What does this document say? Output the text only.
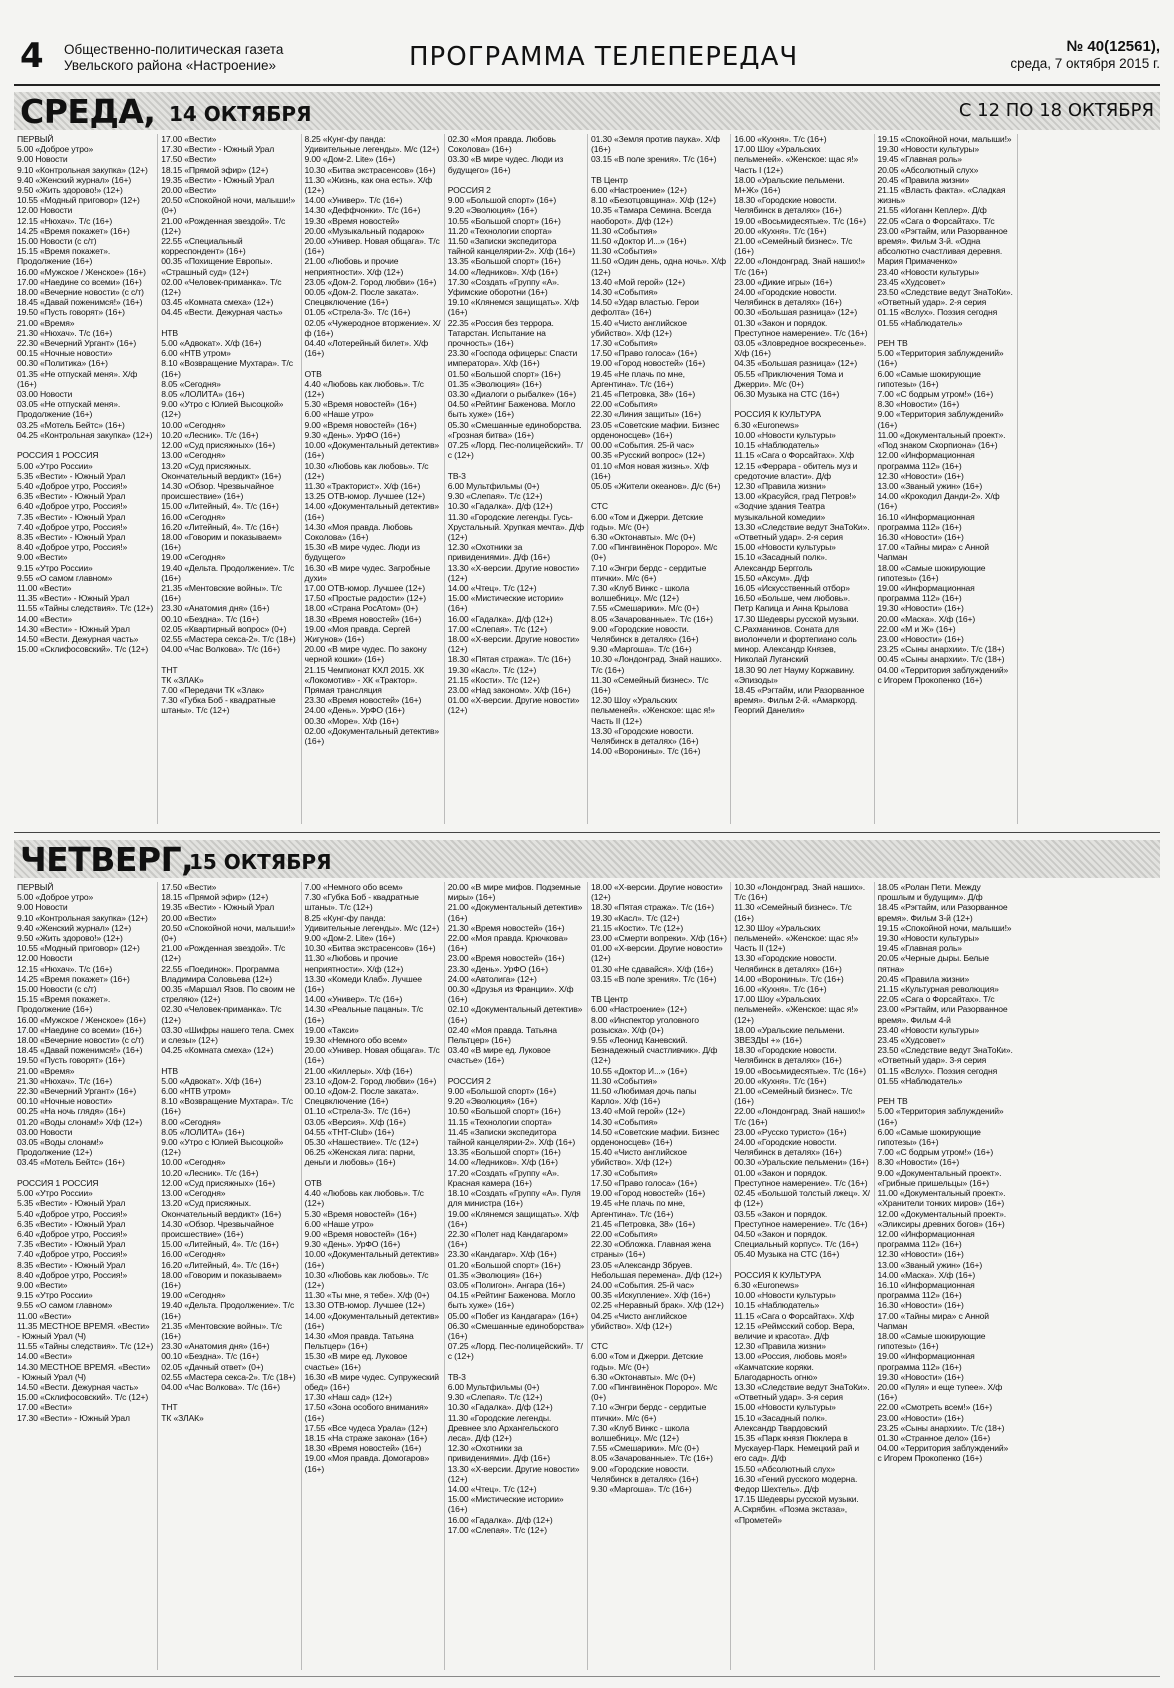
4 Общественно-политическая газета
Увельского района «Настроение»	ПРОГРАММА ТЕЛЕПЕРЕДАЧ	№ 40(12561),
среда, 7 октября 2015 г.
СРЕДА, 14 ОКТЯБРЯ	С 12 ПО 18 ОКТЯБРЯ
ПЕРВЫЙ
5.00 «Доброе утро»
9.00 Новости
9.10 «Контрольная закупка» (12+)
9.40 «Женский журнал» (16+)
9.50 «Жить здорово!» (12+)
10.55 «Модный приговор» (12+)
12.00 Новости
12.15 «Нюхач». Т/с (16+)
14.25 «Время покажет» (16+)
15.00 Новости (с с/т)
15.15 «Время покажет». Продолжение (16+)
16.00 «Мужское / Женское» (16+)
17.00 «Наедине со всеми» (16+)
18.00 «Вечерние новости» (с с/т)
18.45 «Давай поженимся!» (16+)
19.50 «Пусть говорят» (16+)
21.00 «Время»
21.30 «Нюхач». Т/с (16+)
22.30 «Вечерний Ургант» (16+)
00.15 «Ночные новости»
00.30 «Политика» (16+)
01.35 «Не отпускай меня». Х/ф (16+)
03.00 Новости
03.05 «Не отпускай меня». Продолжение (16+)
03.25 «Мотель Бейтс» (16+)
04.25 «Контрольная закупка» (12+)

РОССИЯ 1 РОССИЯ
5.00 «Утро России»
5.35 «Вести» - Южный Урал
5.40 «Доброе утро, Россия!»
6.35 «Вести» - Южный Урал
6.40 «Доброе утро, Россия!»
7.35 «Вести» - Южный Урал
7.40 «Доброе утро, Россия!»
8.35 «Вести» - Южный Урал
8.40 «Доброе утро, Россия!»
9.00 «Вести»
9.15 «Утро России»
9.55 «О самом главном»
11.00 «Вести»
11.35 «Вести» - Южный Урал
11.55 «Тайны следствия». Т/с (12+)
14.00 «Вести»
14.30 «Вести» - Южный Урал
14.50 «Вести. Дежурная часть»
15.00 «Склифосовский». Т/с (12+)
17.00 «Вести»
17.30 «Вести» - Южный Урал
17.50 «Вести»
18.15 «Прямой эфир» (12+)
19.35 «Вести» - Южный Урал
20.00 «Вести»
20.50 «Спокойной ночи, малыши!» (0+)
21.00 «Рожденная звездой». Т/с (12+)
22.55 «Специальный корреспондент» (16+)
00.35 «Похищение Европы». «Страшный суд» (12+)
02.00 «Человек-приманка». Т/с (12+)
03.45 «Комната смеха» (12+)
04.45 «Вести. Дежурная часть»

НТВ
5.00 «Адвокат». Х/ф (16+)
6.00 «НТВ утром»
8.10 «Возвращение Мухтара». Т/с (16+)
8.05 «Сегодня»
8.05 «ЛОЛИТА» (16+)
9.00 «Утро с Юлией Высоцкой» (12+)
10.00 «Сегодня»
10.20 «Лесник». Т/с (16+)
12.00 «Суд присяжных» (16+)
13.00 «Сегодня»
13.20 «Суд присяжных. Окончательный вердикт» (16+)
14.30 «Обзор. Чрезвычайное происшествие» (16+)
15.00 «Литейный, 4». Т/с (16+)
16.00 «Сегодня»
16.20 «Литейный, 4». Т/с (16+)
18.00 «Говорим и показываем» (16+)
19.00 «Сегодня»
19.40 «Дельта. Продолжение». Т/с (16+)
21.35 «Ментовские войны». Т/с (16+)
23.30 «Анатомия дня» (16+)
00.10 «Бездна». Т/с (16+)
02.05 «Квартирный вопрос» (0+)
02.55 «Мастера секса-2». Т/с (18+)
04.00 «Час Волкова». Т/с (16+)

ТНТ
ТК «ЗЛАК»
7.00 «Передачи ТК «Злак»
7.30 «Губка Боб - квадратные штаны». Т/с (12+)
8.25 «Кунг-фу панда: Удивительные легенды». М/с (12+)
9.00 «Дом-2. Lite» (16+)
10.30 «Битва экстрасенсов» (16+)
11.30 «Жизнь, как она есть». Х/ф (12+)
14.00 «Универ». Т/с (16+)
14.30 «Деффчонки». Т/с (16+)
19.30 «Время новостей»
20.00 «Музыкальный подарок»
20.00 «Универ. Новая общага». Т/с (16+)
21.00 «Любовь и прочие неприятности». Х/ф (12+)
23.05 «Дом-2. Город любви» (16+)
00.05 «Дом-2. После заката». Спецвключение (16+)
01.05 «Стрела-3». Т/с (16+)
02.05 «Чужеродное вторжение». Х/ф (16+)
04.40 «Лотерейный билет». Х/ф (16+)

ОТВ
4.40 «Любовь как любовь». Т/с (12+)
5.30 «Время новостей» (16+)
6.00 «Наше утро»
9.00 «Время новостей» (16+)
9.30 «День». УрФО (16+)
10.00 «Документальный детектив» (16+)
10.30 «Любовь как любовь». Т/с (12+)
11.30 «Тракторист». Х/ф (16+)
13.25 ОТВ-юмор. Лучшее (12+)
14.00 «Документальный детектив» (16+)
14.30 «Моя правда. Любовь Соколова» (16+)
15.30 «В мире чудес. Люди из будущего»
16.30 «В мире чудес. Загробные духи»
17.00 ОТВ-юмор. Лучшее (12+)
17.50 «Простые радости» (12+)
18.00 «Страна РосАтом» (0+)
18.30 «Время новостей» (16+)
19.00 «Моя правда. Сергей Жигунов» (16+)
20.00 «В мире чудес. По закону черной кошки» (16+)
21.15 Чемпионат КХЛ 2015. ХК «Локомотив» - ХК «Трактор». Прямая трансляция
23.30 «Время новостей» (16+)
24.00 «День». УрФО (16+)
00.30 «Море». Х/ф (16+)
02.00 «Документальный детектив» (16+)
02.30 «Моя правда. Любовь Соколова» (16+)
03.30 «В мире чудес. Люди из будущего» (16+)

РОССИЯ 2
9.00 «Большой спорт» (16+)
9.20 «Эволюция» (16+)
10.55 «Большой спорт» (16+)
11.20 «Технологии спорта»
11.50 «Записки экспедитора тайной канцелярии-2». Х/ф (16+)
13.35 «Большой спорт» (16+)
14.00 «Ледников». Х/ф (16+)
17.30 «Создать «Группу «А». Уфимские оборотни (16+)
19.10 «Клянемся защищать». Х/ф (16+)
22.35 «Россия без террора. Татарстан. Испытание на прочность» (16+)
23.30 «Господа офицеры: Спасти императора». Х/ф (16+)
01.50 «Большой спорт» (16+)
01.35 «Эволюция» (16+)
03.30 «Диалоги о рыбалке» (16+)
04.50 «Рейтинг Баженова. Могло быть хуже» (16+)
05.30 «Смешанные единоборства. «Грозная битва» (16+)
07.25 «Лорд. Пес-полицейский». Т/с (12+)

ТВ-3
6.00 Мультфильмы (0+)
9.30 «Слепая». Т/с (12+)
10.30 «Гадалка». Д/ф (12+)
11.30 «Городские легенды. Гусь-Хрустальный. Хрупкая мечта». Д/ф (12+)
12.30 «Охотники за привидениями». Д/ф (16+)
13.30 «Х-версии. Другие новости» (12+)
14.00 «Чтец». Т/с (12+)
15.00 «Мистические истории» (16+)
16.00 «Гадалка». Д/ф (12+)
17.00 «Слепая». Т/с (12+)
18.00 «Х-версии. Другие новости» (12+)
18.30 «Пятая стража». Т/с (16+)
19.30 «Касл». Т/с (12+)
21.15 «Кости». Т/с (12+)
23.00 «Над законом». Х/ф (16+)
01.00 «Х-версии. Другие новости» (12+)
01.30 «Земля против паука». Х/ф (16+)
03.15 «В поле зрения». Т/с (16+)

ТВ Центр
6.00 «Настроение» (12+)
8.10 «Безотцовщина». Х/ф (12+)
10.35 «Тамара Семина. Всегда наоборот». Д/ф (12+)
11.30 «События»
11.50 «Доктор И...» (16+)
11.30 «События»
11.50 «Один день, одна ночь». Х/ф (12+)
13.40 «Мой герой» (12+)
14.30 «События»
14.50 «Удар властью. Герои дефолта» (16+)
15.40 «Чисто английское убийство». Х/ф (12+)
17.30 «События»
17.50 «Право голоса» (16+)
19.00 «Город новостей» (16+)
19.45 «Не плачь по мне, Аргентина». Т/с (16+)
21.45 «Петровка, 38» (16+)
22.00 «События»
22.30 «Линия защиты» (16+)
23.05 «Советские мафии. Бизнес орденоносцев» (16+)
00.00 «События. 25-й час»
00.35 «Русский вопрос» (12+)
01.10 «Моя новая жизнь». Х/ф (16+)
05.05 «Жители океанов». Д/с (6+)

СТС
6.00 «Том и Джерри. Детские годы». М/с (0+)
6.30 «Октонавты». М/с (0+)
7.00 «Пингвинёнок Пороро». М/с (0+)
7.10 «Энгри бердс - сердитые птички». М/с (6+)
7.30 «Клуб Винкс - школа волшебниц». М/с (12+)
7.55 «Смешарики». М/с (0+)
8.05 «Зачарованные». Т/с (16+)
9.00 «Городские новости. Челябинск в деталях» (16+)
9.30 «Маргоша». Т/с (16+)
10.30 «Лондонград. Знай наших». Т/с (16+)
11.30 «Семейный бизнес». Т/с (16+)
12.30 Шоу «Уральских пельменей». «Женское: щас я!» Часть II (12+)
13.30 «Городские новости. Челябинск в деталях» (16+)
14.00 «Воронины». Т/с (16+)
16.00 «Кухня». Т/с (16+)
17.00 Шоу «Уральских пельменей». «Женское: щас я!» Часть I (12+)
18.00 «Уральские пельмени. М+Ж» (16+)
18.30 «Городские новости. Челябинск в деталях» (16+)
19.00 «Восьмидесятые». Т/с (16+)
20.00 «Кухня». Т/с (16+)
21.00 «Семейный бизнес». Т/с (16+)
22.00 «Лондонград. Знай наших!» Т/с (16+)
23.00 «Дикие игры» (16+)
24.00 «Городские новости. Челябинск в деталях» (16+)
00.30 «Большая разница» (12+)
01.30 «Закон и порядок. Преступное намерение». Т/с (16+)
03.05 «Зловредное воскресенье». Х/ф (16+)
04.35 «Большая разница» (12+)
05.55 «Приключения Тома и Джерри». М/с (0+)
06.30 Музыка на СТС (16+)

РОССИЯ К КУЛЬТУРА
6.30 «Euronews»
10.00 «Новости культуры»
10.15 «Наблюдатель»
11.15 «Сага о Форсайтах». Х/ф
12.15 «Феррара - обитель муз и средоточие власти». Д/ф
12.30 «Правила жизни»
13.00 «Красуйся, град Петров!» «Зодчие здания Театра музыкальной комедии»
13.30 «Следствие ведут ЗнаТоКи». «Ответный удар». 2-я серия
15.00 «Новости культуры»
15.10 «Засадный полк». Александр Бергголь
15.50 «Аксум». Д/ф
16.05 «Искусственный отбор»
16.50 «Больше, чем любовь». Петр Капица и Анна Крылова
17.30 Шедевры русской музыки. С.Рахманинов. Соната для виолончели и фортепиано соль минор. Александр Князев, Николай Луганский
18.30 90 лет Науму Коржавину. «Эпизоды»
18.45 «Рэгтайм, или Разорванное время». Фильм 2-й. «Амаркорд. Георгий Данелия»
19.15 «Спокойной ночи, малыши!»
19.30 «Новости культуры»
19.45 «Главная роль»
20.05 «Абсолютный слух»
20.45 «Правила жизни»
21.15 «Власть факта». «Сладкая жизнь»
21.55 «Иоганн Кеплер». Д/ф
22.05 «Сага о Форсайтах». Т/с
23.00 «Рэгтайм, или Разорванное время». Фильм 3-й. «Одна абсолютно счастливая деревня. Мария Примаченко»
23.40 «Новости культуры»
23.45 «Худсовет»
23.50 «Следствие ведут ЗнаТоКи». «Ответный удар». 2-я серия
01.15 «Вслух». Поэзия сегодня
01.55 «Наблюдатель»

РЕН ТВ
5.00 «Территория заблуждений» (16+)
6.00 «Самые шокирующие гипотезы» (16+)
7.00 «С бодрым утром!» (16+)
8.30 «Новости» (16+)
9.00 «Территория заблуждений» (16+)
11.00 «Документальный проект». «Под знаком Скорпиона» (16+)
12.00 «Информационная программа 112» (16+)
12.30 «Новости» (16+)
13.00 «Званый ужин» (16+)
14.00 «Крокодил Данди-2». Х/ф (16+)
16.10 «Информационная программа 112» (16+)
16.30 «Новости» (16+)
17.00 «Тайны мира» с Анной Чапман
18.00 «Самые шокирующие гипотезы» (16+)
19.00 «Информационная программа 112» (16+)
19.30 «Новости» (16+)
20.00 «Маска». Х/ф (16+)
22.00 «М и Ж» (16+)
23.00 «Новости» (16+)
23.25 «Сыны анархии». Т/с (18+)
00.45 «Сыны анархии». Т/с (18+)
04.00 «Территория заблуждений» с Игорем Прокопенко (16+)
ЧЕТВЕРГ,
15 ОКТЯБРЯ
ПЕРВЫЙ
5.00 «Доброе утро»
9.00 Новости
9.10 «Контрольная закупка» (12+)
9.40 «Женский журнал» (12+)
9.50 «Жить здорово!» (12+)
10.55 «Модный приговор» (12+)
12.00 Новости
12.15 «Нюхач». Т/с (16+)
14.25 «Время покажет» (16+)
15.00 Новости (с с/т)
15.15 «Время покажет». Продолжение (16+)
16.00 «Мужское / Женское» (16+)
17.00 «Наедине со всеми» (16+)
18.00 «Вечерние новости» (с с/т)
18.45 «Давай поженимся!» (16+)
19.50 «Пусть говорят» (16+)
21.00 «Время»
21.30 «Нюхач». Т/с (16+)
22.30 «Вечерний Ургант» (16+)
00.10 «Ночные новости»
00.25 «На ночь глядя» (16+)
01.20 «Воды слонам!» Х/ф (12+)
03.00 Новости
03.05 «Воды слонам!» Продолжение (12+)
03.45 «Мотель Бейтс» (16+)

РОССИЯ 1 РОССИЯ
5.00 «Утро России»
5.35 «Вести» - Южный Урал
5.40 «Доброе утро, Россия!»
6.35 «Вести» - Южный Урал
6.40 «Доброе утро, Россия!»
7.35 «Вести» - Южный Урал
7.40 «Доброе утро, Россия!»
8.35 «Вести» - Южный Урал
8.40 «Доброе утро, Россия!»
9.00 «Вести»
9.15 «Утро России»
9.55 «О самом главном»
11.00 «Вести»
11.35 МЕСТНОЕ ВРЕМЯ. «Вести» - Южный Урал (Ч)
11.55 «Тайны следствия». Т/с (12+)
14.00 «Вести»
14.30 МЕСТНОЕ ВРЕМЯ. «Вести» - Южный Урал (Ч)
14.50 «Вести. Дежурная часть»
15.00 «Склифосовский». Т/с (12+)
17.00 «Вести»
17.30 «Вести» - Южный Урал
17.50 «Вести»
18.15 «Прямой эфир» (12+)
19.35 «Вести» - Южный Урал
20.00 «Вести»
20.50 «Спокойной ночи, малыши!» (0+)
21.00 «Рожденная звездой». Т/с (12+)
22.55 «Поединок». Программа Владимира Соловьева (12+)
00.35 «Маршал Язов. По своим не стреляю» (12+)
02.30 «Человек-приманка». Т/с (12+)
03.30 «Шифры нашего тела. Смех и слезы» (12+)
04.25 «Комната смеха» (12+)

НТВ
5.00 «Адвокат». Х/ф (16+)
6.00 «НТВ утром»
8.10 «Возвращение Мухтара». Т/с (16+)
8.00 «Сегодня»
8.05 «ЛОЛИТА» (16+)
9.00 «Утро с Юлией Высоцкой» (12+)
10.00 «Сегодня»
10.20 «Лесник». Т/с (16+)
12.00 «Суд присяжных» (16+)
13.00 «Сегодня»
13.20 «Суд присяжных. Окончательный вердикт» (16+)
14.30 «Обзор. Чрезвычайное происшествие» (16+)
15.00 «Литейный, 4». Т/с (16+)
16.00 «Сегодня»
16.20 «Литейный, 4». Т/с (16+)
18.00 «Говорим и показываем» (16+)
19.00 «Сегодня»
19.40 «Дельта. Продолжение». Т/с (16+)
21.35 «Ментовские войны». Т/с (16+)
23.30 «Анатомия дня» (16+)
00.10 «Бездна». Т/с (16+)
02.05 «Дачный ответ» (0+)
02.55 «Мастера секса-2». Т/с (18+)
04.00 «Час Волкова». Т/с (16+)

ТНТ
ТК «ЗЛАК»
7.00 «Немного обо всем»
7.30 «Губка Боб - квадратные штаны». Т/с (12+)
8.25 «Кунг-фу панда: Удивительные легенды». М/с (12+)
9.00 «Дом-2. Lite» (16+)
10.30 «Битва экстрасенсов» (16+)
11.30 «Любовь и прочие неприятности». Х/ф (12+)
13.30 «Комеди Клаб». Лучшее (16+)
14.00 «Универ». Т/с (16+)
14.30 «Реальные пацаны». Т/с (16+)
19.00 «Такси»
19.30 «Немного обо всем»
20.00 «Универ. Новая общага». Т/с (16+)
21.00 «Киллеры». Х/ф (16+)
23.10 «Дом-2. Город любви» (16+)
00.10 «Дом-2. После заката». Спецвключение (16+)
01.10 «Стрела-3». Т/с (16+)
03.05 «Версия». Х/ф (16+)
04.55 «THT-Club» (16+)
05.30 «Нашествие». Т/с (12+)
06.25 «Женская лига: парни, деньги и любовь» (16+)

ОТВ
4.40 «Любовь как любовь». Т/с (12+)
5.30 «Время новостей» (16+)
6.00 «Наше утро»
9.00 «Время новостей» (16+)
9.30 «День». УрФО (16+)
10.00 «Документальный детектив» (16+)
10.30 «Любовь как любовь». Т/с (12+)
11.30 «Ты мне, я тебе». Х/ф (0+)
13.30 ОТВ-юмор. Лучшее (12+)
14.00 «Документальный детектив» (16+)
14.30 «Моя правда. Татьяна Пельтцер» (16+)
15.30 «В мире ед. Луковое счастье» (16+)
16.30 «В мире чудес. Супружеский обед» (16+)
17.30 «Наш сад» (12+)
17.50 «Зона особого внимания» (16+)
17.55 «Все чудеса Урала» (12+)
18.15 «На страже закона» (16+)
18.30 «Время новостей» (16+)
19.00 «Моя правда. Домогаров» (16+)
20.00 «В мире мифов. Подземные миры» (16+)
21.00 «Документальный детектив» (16+)
21.30 «Время новостей» (16+)
22.00 «Моя правда. Крючкова» (16+)
23.00 «Время новостей» (16+)
23.30 «День». УрФО (16+)
24.00 «Автолига» (12+)
00.30 «Друзья из Франции». Х/ф (16+)
02.10 «Документальный детектив» (16+)
02.40 «Моя правда. Татьяна Пельтцер» (16+)
03.40 «В мире ед. Луковое счастье» (16+)

РОССИЯ 2
9.00 «Большой спорт» (16+)
9.20 «Эволюция» (16+)
10.50 «Большой спорт» (16+)
11.15 «Технологии спорта»
11.45 «Записки экспедитора тайной канцелярии-2». Х/ф (16+)
13.35 «Большой спорт» (16+)
14.00 «Ледников». Х/ф (16+)
17.20 «Создать «Группу «А». Красная камера (16+)
18.10 «Создать «Группу «А». Пуля для министра (16+)
19.00 «Клянемся защищать». Х/ф (16+)
22.30 «Полет над Кандагаром» (16+)
23.30 «Кандагар». Х/ф (16+)
01.20 «Большой спорт» (16+)
01.35 «Эволюция» (16+)
03.05 «Полигон». Ангара (16+)
04.15 «Рейтинг Баженова. Могло быть хуже» (16+)
05.00 «Побег из Кандагара» (16+)
06.30 «Смешанные единоборства» (16+)
07.25 «Лорд. Пес-полицейский». Т/с (12+)

ТВ-3
6.00 Мультфильмы (0+)
9.30 «Слепая». Т/с (12+)
10.30 «Гадалка». Д/ф (12+)
11.30 «Городские легенды. Древнее зло Архангельского леса». Д/ф (12+)
12.30 «Охотники за привидениями». Д/ф (16+)
13.30 «Х-версии. Другие новости» (12+)
14.00 «Чтец». Т/с (12+)
15.00 «Мистические истории» (16+)
16.00 «Гадалка». Д/ф (12+)
17.00 «Слепая». Т/с (12+)
18.00 «Х-версии. Другие новости» (12+)
18.30 «Пятая стража». Т/с (16+)
19.30 «Касл». Т/с (12+)
21.15 «Кости». Т/с (12+)
23.00 «Смерти вопреки». Х/ф (16+)
01.00 «Х-версии. Другие новости» (12+)
01.30 «Не сдавайся». Х/ф (16+)
03.15 «В поле зрения». Т/с (16+)

ТВ Центр
6.00 «Настроение» (12+)
8.00 «Инспектор уголовного розыска». Х/ф (0+)
9.55 «Леонид Каневский. Безнадежный счастливчик». Д/ф (12+)
10.55 «Доктор И...» (16+)
11.30 «События»
11.50 «Любимая дочь папы Карло». Х/ф (16+)
13.40 «Мой герой» (12+)
14.30 «События»
14.50 «Советские мафии. Бизнес орденоносцев» (16+)
15.40 «Чисто английское убийство». Х/ф (12+)
17.30 «События»
17.50 «Право голоса» (16+)
19.00 «Город новостей» (16+)
19.45 «Не плачь по мне, Аргентина». Т/с (16+)
21.45 «Петровка, 38» (16+)
22.00 «События»
22.30 «Обложка. Главная жена страны» (16+)
23.05 «Александр Збруев. Небольшая перемена». Д/ф (12+)
24.00 «События. 25-й час»
00.35 «Искупление». Х/ф (16+)
02.25 «Неравный брак». Х/ф (12+)
04.25 «Чисто английское убийство». Х/ф (12+)

СТС
6.00 «Том и Джерри. Детские годы». М/с (0+)
6.30 «Октонавты». М/с (0+)
7.00 «Пингвинёнок Пороро». М/с (0+)
7.10 «Энгри бердс - сердитые птички». М/с (6+)
7.30 «Клуб Винкс - школа волшебниц». М/с (12+)
7.55 «Смешарики». М/с (0+)
8.05 «Зачарованные». Т/с (16+)
9.00 «Городские новости. Челябинск в деталях» (16+)
9.30 «Маргоша». Т/с (16+)
10.30 «Лондонград. Знай наших». Т/с (16+)
11.30 «Семейный бизнес». Т/с (16+)
12.30 Шоу «Уральских пельменей». «Женское: щас я!» Часть II (12+)
13.30 «Городские новости. Челябинск в деталях» (16+)
14.00 «Воронины». Т/с (16+)
16.00 «Кухня». Т/с (16+)
17.00 Шоу «Уральских пельменей». «Женское: щас я!» (12+)
18.00 «Уральские пельмени. ЗВЕЗДЫ +» (16+)
18.30 «Городские новости. Челябинск в деталях» (16+)
19.00 «Восьмидесятые». Т/с (16+)
20.00 «Кухня». Т/с (16+)
21.00 «Семейный бизнес». Т/с (16+)
22.00 «Лондонград. Знай наших!» Т/с (16+)
23.00 «Русско туристо» (16+)
24.00 «Городские новости. Челябинск в деталях» (16+)
00.30 «Уральские пельмени» (16+)
01.00 «Закон и порядок. Преступное намерение». Т/с (16+)
02.45 «Большой толстый лжец». Х/ф (12+)
03.55 «Закон и порядок. Преступное намерение». Т/с (16+)
04.50 «Закон и порядок. Специальный корпус». Т/с (16+)
05.40 Музыка на СТС (16+)

РОССИЯ К КУЛЬТУРА
6.30 «Euronews»
10.00 «Новости культуры»
10.15 «Наблюдатель»
11.15 «Сага о Форсайтах». Х/ф
12.15 «Реймсский собор. Вера, величие и красота». Д/ф
12.30 «Правила жизни»
13.00 «Россия, любовь моя!» «Камчатские коряки. Благодарность огню»
13.30 «Следствие ведут ЗнаТоКи». «Ответный удар». 3-я серия
15.00 «Новости культуры»
15.10 «Засадный полк». Александр Твардовский
15.35 «Парк князя Пюклера в Мускауер-Парк. Немецкий рай и его сад». Д/ф
15.50 «Абсолютный слух»
16.30 «Гений русского модерна. Федор Шехтель». Д/ф
17.15 Шедевры русской музыки. А.Скрябин. «Поэма экстаза», «Прометей»
18.05 «Ролан Пети. Между прошлым и будущим». Д/ф
18.45 «Рэгтайм, или Разорванное время». Фильм 3-й (12+)
19.15 «Спокойной ночи, малыши!»
19.30 «Новости культуры»
19.45 «Главная роль»
20.05 «Черные дыры. Белые пятна»
20.45 «Правила жизни»
21.15 «Культурная революция»
22.05 «Сага о Форсайтах». Т/с
23.00 «Рэгтайм, или Разорванное время». Фильм 4-й
23.40 «Новости культуры»
23.45 «Худсовет»
23.50 «Следствие ведут ЗнаТоКи». «Ответный удар». 3-я серия
01.15 «Вслух». Поэзия сегодня
01.55 «Наблюдатель»

РЕН ТВ
5.00 «Территория заблуждений» (16+)
6.00 «Самые шокирующие гипотезы» (16+)
7.00 «С бодрым утром!» (16+)
8.30 «Новости» (16+)
9.00 «Документальный проект». «Грибные пришельцы» (16+)
11.00 «Документальный проект». «Хранители тонких миров» (16+)
12.00 «Документальный проект». «Эликсиры древних богов» (16+)
12.00 «Информационная программа 112» (16+)
12.30 «Новости» (16+)
13.00 «Званый ужин» (16+)
14.00 «Маска». Х/ф (16+)
16.10 «Информационная программа 112» (16+)
16.30 «Новости» (16+)
17.00 «Тайны мира» с Анной Чапман
18.00 «Самые шокирующие гипотезы» (16+)
19.00 «Информационная программа 112» (16+)
19.30 «Новости» (16+)
20.00 «Пуля» и еще тупее». Х/ф (16+)
22.00 «Смотреть всем!» (16+)
23.00 «Новости» (16+)
23.25 «Сыны анархии». Т/с (18+)
01.30 «Странное дело» (16+)
04.00 «Территория заблуждений» с Игорем Прокопенко (16+)
